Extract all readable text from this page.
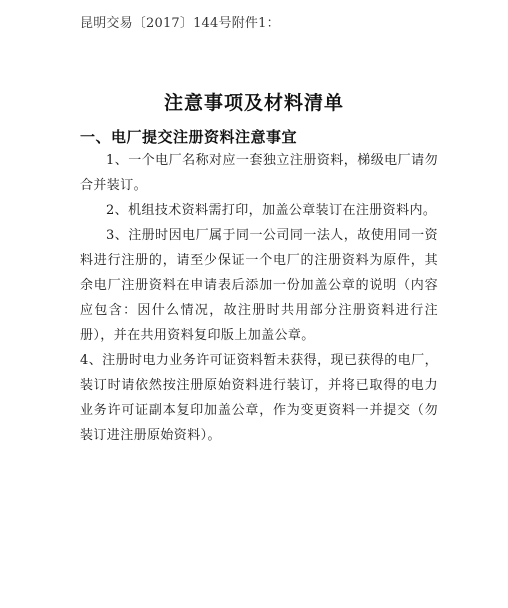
昆明交易〔2017〕144号附件1：
注意事项及材料清单
一、电厂提交注册资料注意事宜

1、一个电厂名称对应一套独立注册资料，梯级电厂请勿合并装订。

2、机组技术资料需打印，加盖公章装订在注册资料内。

3、注册时因电厂属于同一公司同一法人，故使用同一资料进行注册的，请至少保证一个电厂的注册资料为原件，其余电厂注册资料在申请表后添加一份加盖公章的说明（内容应包含：因什么情况，故注册时共用部分注册资料进行注册），并在共用资料复印版上加盖公章。

4、注册时电力业务许可证资料暂未获得，现已获得的电厂，装订时请依然按注册原始资料进行装订，并将已取得的电力业务许可证副本复印加盖公章，作为变更资料一并提交（勿装订进注册原始资料）。
